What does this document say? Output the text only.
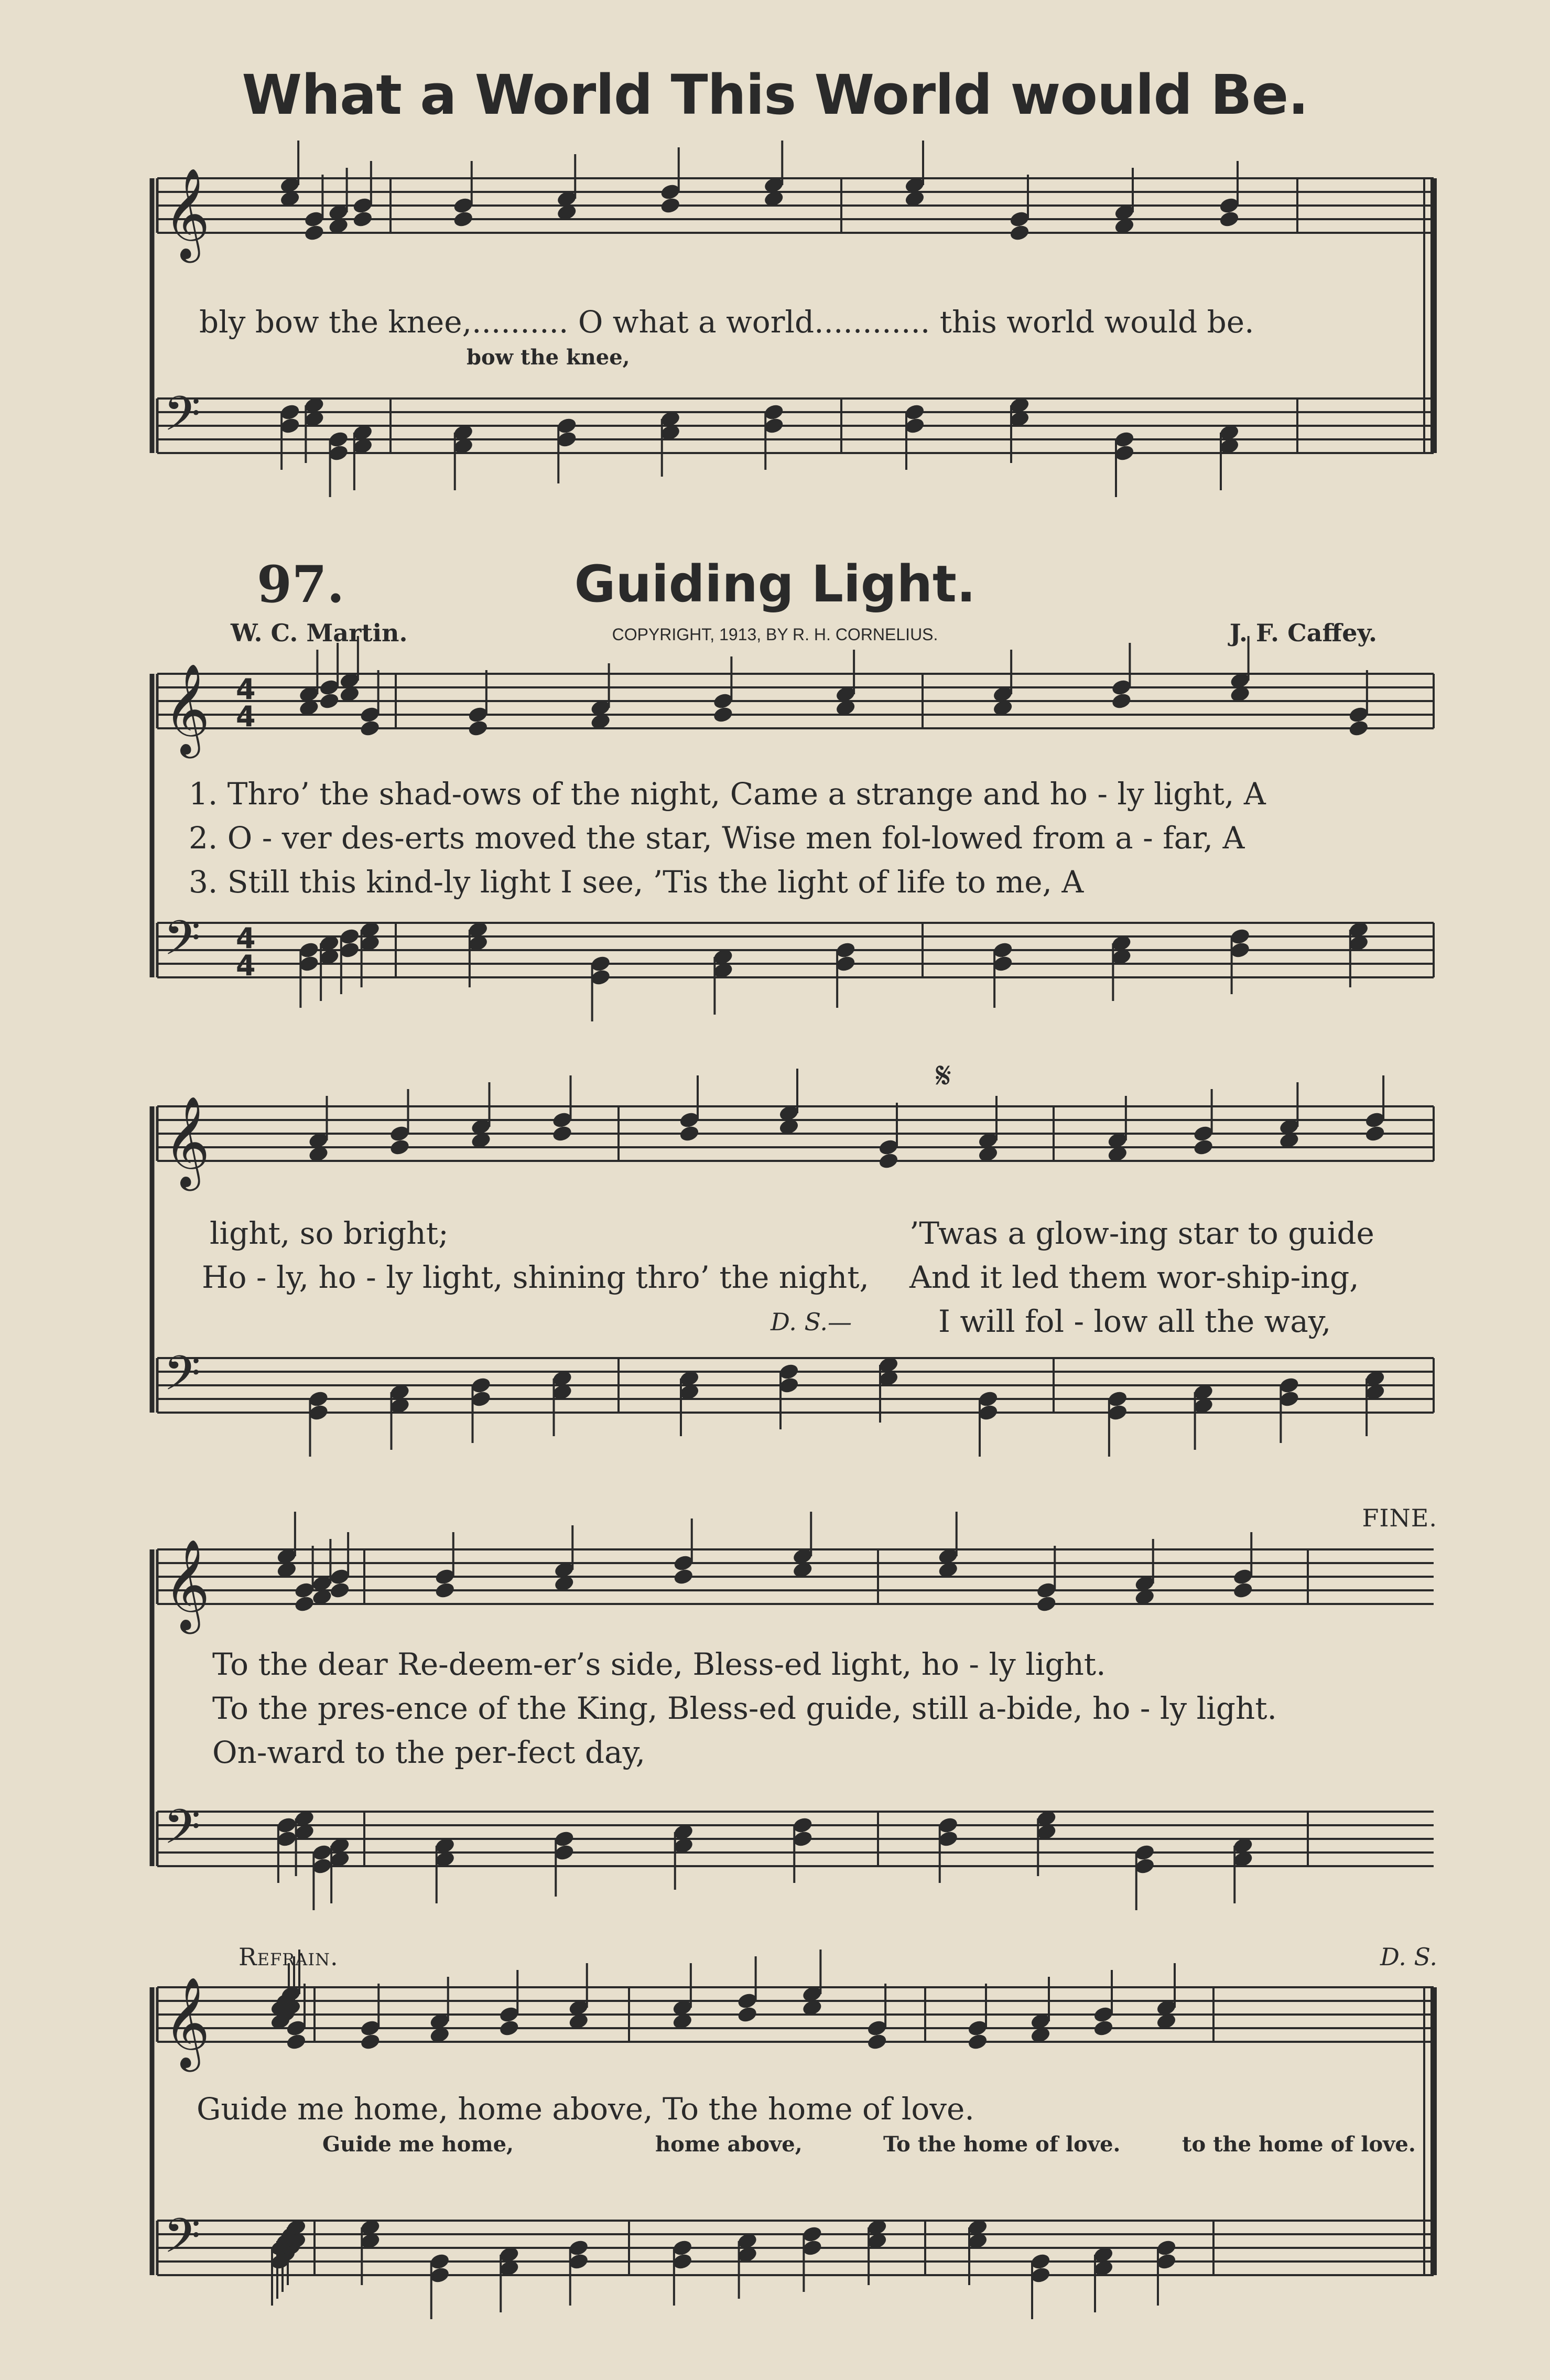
What a World This World would Be.
bly bow the knee,.......... O what a world............ this world would be.
bow the knee,
97.	Guiding Light.
W. C. Martin.	COPYRIGHT, 1913, BY R. H. CORNELIUS.	J. F. Caffey.
1. Thro’ the shad-ows of the night, Came a strange and ho - ly light, A
2. O - ver des-erts moved the star, Wise men fol-lowed from a - far, A
3. Still this kind-ly light I see, ’Tis the light of life to me, A
light, so bright;	’Twas a glow-ing star to guide
Ho - ly, ho - ly light, shining thro’ the night, And it led them wor-ship-ing,
D. S.—	I will fol - low all the way,
FINE.
To the dear Re-deem-er’s side, Bless-ed light, ho - ly light.
To the pres-ence of the King, Bless-ed guide, still a-bide, ho - ly light.
On-ward to the per-fect day,
Refrain.	D. S.
Guide me home, home above, To the home of love.
Guide me home,	home above,	To the home of love.	to the home of love.
𝄞
𝄢
𝄞 4
4
𝄢 4
4
𝄞
𝄢
𝄞
𝄢
𝄞
𝄢
𝄋
